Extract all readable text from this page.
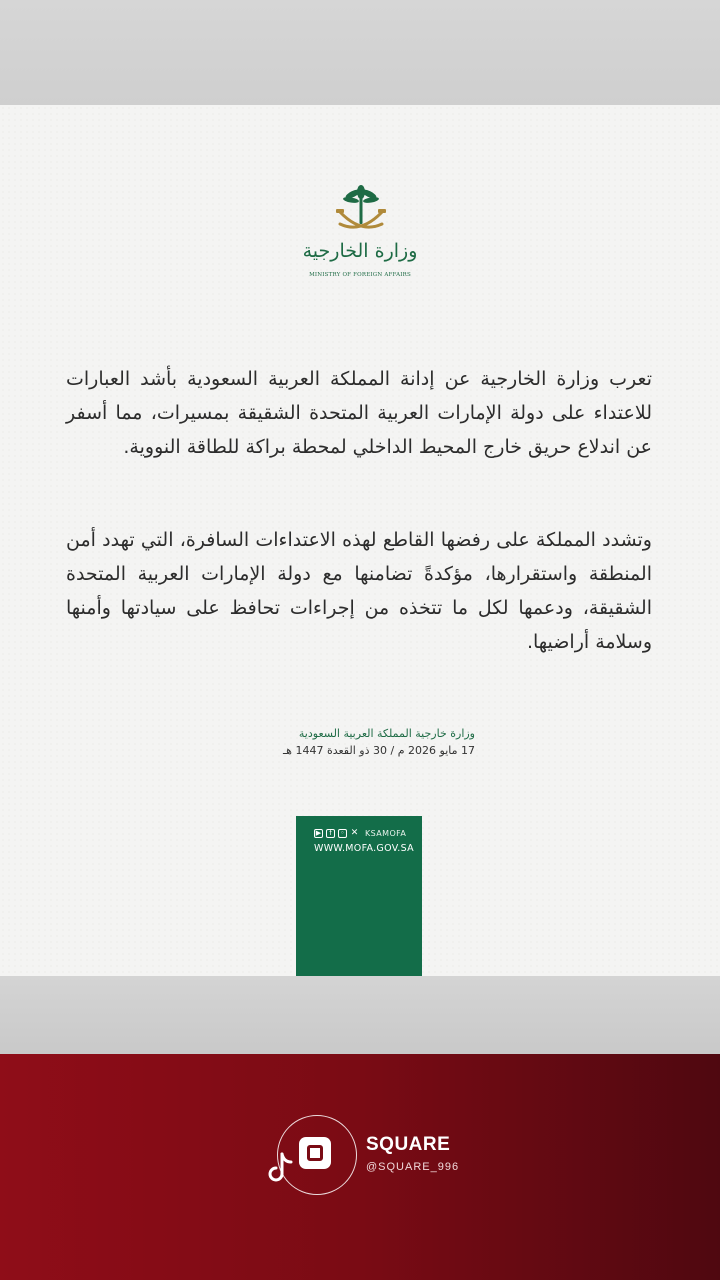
وزارة الخارجية
MINISTRY OF FOREIGN AFFAIRS
تعرب وزارة الخارجية عن إدانة المملكة العربية السعودية بأشد العبارات للاعتداء على دولة الإمارات العربية المتحدة الشقيقة بمسيرات، مما أسفر عن اندلاع حريق خارج المحيط الداخلي لمحطة براكة للطاقة النووية.
وتشدد المملكة على رفضها القاطع لهذه الاعتداءات السافرة، التي تهدد أمن المنطقة واستقرارها، مؤكدةً تضامنها مع دولة الإمارات العربية المتحدة الشقيقة، ودعمها لكل ما تتخذه من إجراءات تحافظ على سيادتها وأمنها وسلامة أراضيها.
وزارة خارجية المملكة العربية السعودية
17 مايو 2026 م / 30 ذو القعدة 1447 هـ
▶	f	◦ ✕ KSAMOFA
WWW.MOFA.GOV.SA
SQUARE
@SQUARE_996
